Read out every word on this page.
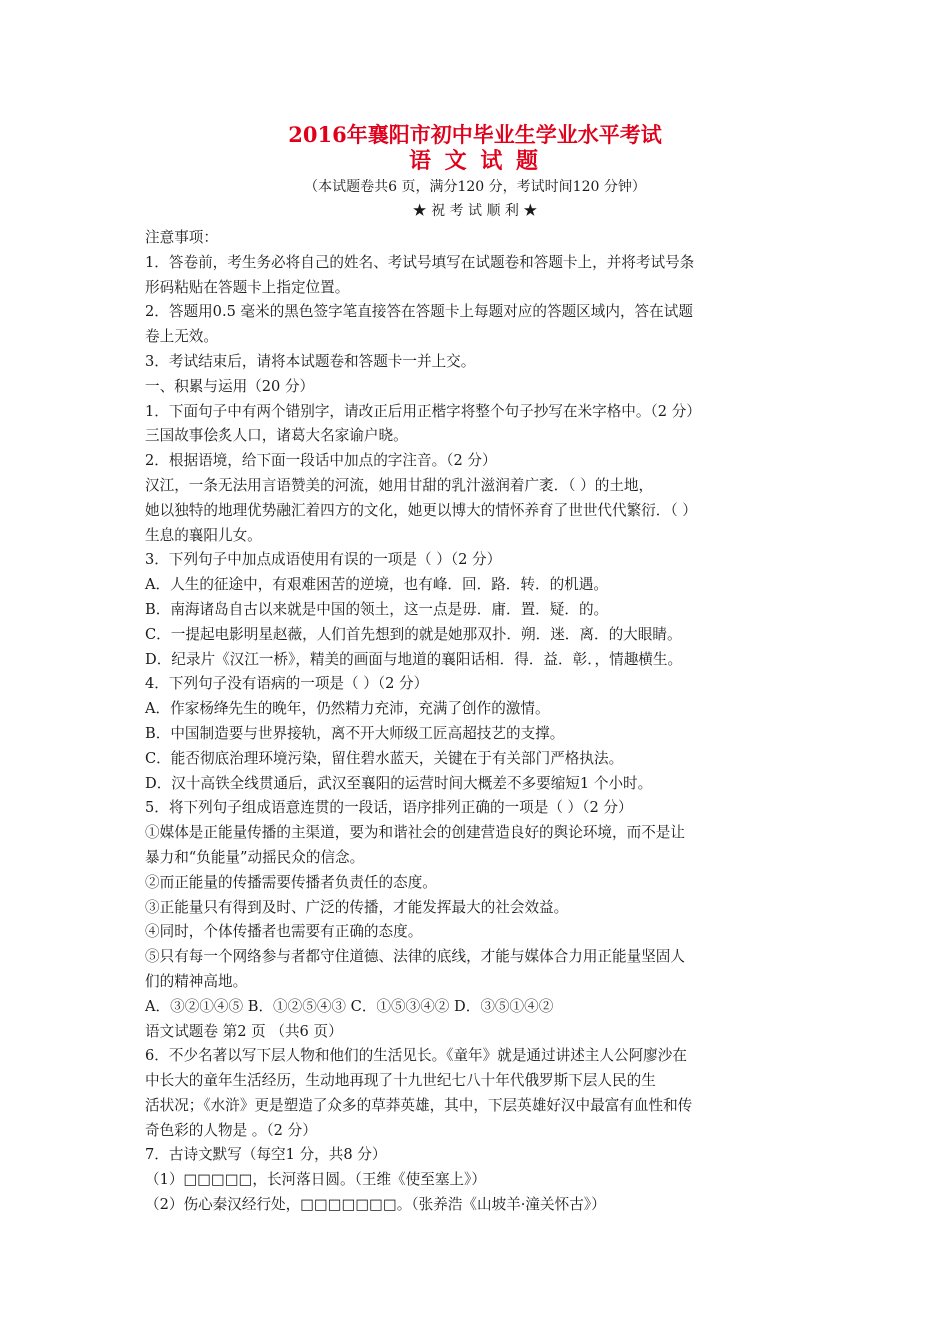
2016年襄阳市初中毕业生学业水平考试
语 文 试 题
（本试题卷共6 页，满分120 分，考试时间120 分钟）
★ 祝 考 试 顺 利 ★
注意事项：
1．答卷前，考生务必将自己的姓名、考试号填写在试题卷和答题卡上，并将考试号条
形码粘贴在答题卡上指定位置。
2．答题用0.5 毫米的黑色签字笔直接答在答题卡上每题对应的答题区域内，答在试题
卷上无效。
3．考试结束后，请将本试题卷和答题卡一并上交。
一、积累与运用（20 分）
1．下面句子中有两个错别字，请改正后用正楷字将整个句子抄写在米字格中。（2 分）
三国故事侩炙人口，诸葛大名家谕户晓。
2．根据语境，给下面一段话中加点的字注音。（2 分）
汉江，一条无法用言语赞美的河流，她用甘甜的乳汁滋润着广袤．（ ）的土地，
她以独特的地理优势融汇着四方的文化，她更以博大的情怀养育了世世代代繁衍．（ ）
生息的襄阳儿女。
3．下列句子中加点成语使用有误的一项是（ ）（2 分）
A．人生的征途中，有艰难困苦的逆境，也有峰．回．路．转．的机遇。
B．南海诸岛自古以来就是中国的领土，这一点是毋．庸．置．疑．的。
C．一提起电影明星赵薇，人们首先想到的就是她那双扑．朔．迷．离．的大眼睛。
D．纪录片《汉江一桥》，精美的画面与地道的襄阳话相．得．益．彰．，情趣横生。
4．下列句子没有语病的一项是（ ）（2 分）
A．作家杨绛先生的晚年，仍然精力充沛，充满了创作的激情。
B．中国制造要与世界接轨，离不开大师级工匠高超技艺的支撑。
C．能否彻底治理环境污染，留住碧水蓝天，关键在于有关部门严格执法。
D．汉十高铁全线贯通后，武汉至襄阳的运营时间大概差不多要缩短1 个小时。
5．将下列句子组成语意连贯的一段话，语序排列正确的一项是（ ）（2 分）
①媒体是正能量传播的主渠道，要为和谐社会的创建营造良好的舆论环境，而不是让
暴力和“负能量”动摇民众的信念。
②而正能量的传播需要传播者负责任的态度。
③正能量只有得到及时、广泛的传播，才能发挥最大的社会效益。
④同时，个体传播者也需要有正确的态度。
⑤只有每一个网络参与者都守住道德、法律的底线，才能与媒体合力用正能量坚固人
们的精神高地。
A．③②①④⑤ B．①②⑤④③ C．①⑤③④② D．③⑤①④②
语文试题卷 第2 页 （共6 页）
6．不少名著以写下层人物和他们的生活见长。《童年》就是通过讲述主人公阿廖沙在
中长大的童年生活经历，生动地再现了十九世纪七八十年代俄罗斯下层人民的生
活状况；《水浒》更是塑造了众多的草莽英雄，其中，下层英雄好汉中最富有血性和传
奇色彩的人物是 。（2 分）
7．古诗文默写（每空1 分，共8 分）
（1）□□□□□，长河落日圆。（王维《使至塞上》）
（2）伤心秦汉经行处，□□□□□□□。（张养浩《山坡羊·潼关怀古》）
